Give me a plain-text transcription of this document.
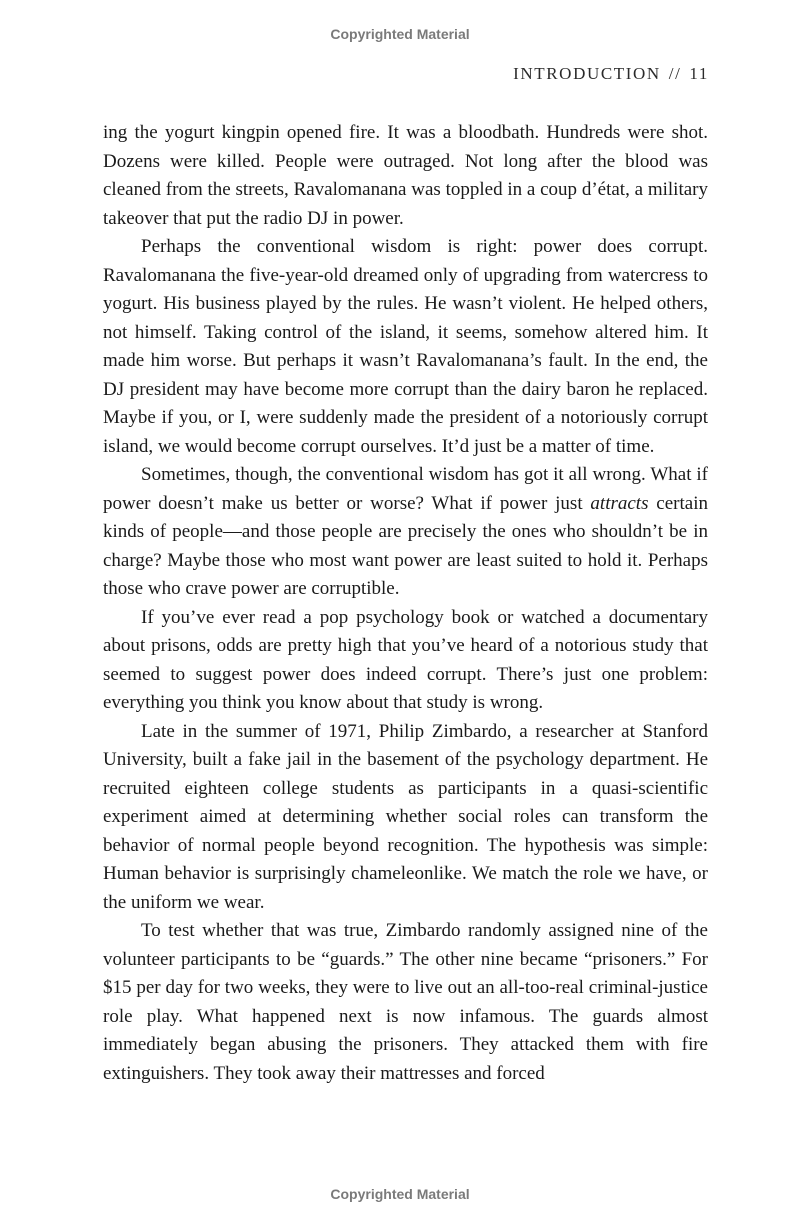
Copyrighted Material
INTRODUCTION // 11

ing the yogurt kingpin opened fire. It was a bloodbath. Hundreds were shot. Dozens were killed. People were outraged. Not long after the blood was cleaned from the streets, Ravalomanana was toppled in a coup d’état, a military takeover that put the radio DJ in power.

Perhaps the conventional wisdom is right: power does corrupt. Ravalomanana the five-year-old dreamed only of upgrading from watercress to yogurt. His business played by the rules. He wasn’t violent. He helped others, not himself. Taking control of the island, it seems, somehow altered him. It made him worse. But perhaps it wasn’t Ravalomanana’s fault. In the end, the DJ president may have become more corrupt than the dairy baron he replaced. Maybe if you, or I, were suddenly made the president of a notoriously corrupt island, we would become corrupt ourselves. It’d just be a matter of time.

Sometimes, though, the conventional wisdom has got it all wrong. What if power doesn’t make us better or worse? What if power just attracts certain kinds of people—and those people are precisely the ones who shouldn’t be in charge? Maybe those who most want power are least suited to hold it. Perhaps those who crave power are corruptible.

If you’ve ever read a pop psychology book or watched a documentary about prisons, odds are pretty high that you’ve heard of a notorious study that seemed to suggest power does indeed corrupt. There’s just one problem: everything you think you know about that study is wrong.

Late in the summer of 1971, Philip Zimbardo, a researcher at Stanford University, built a fake jail in the basement of the psychology department. He recruited eighteen college students as participants in a quasi-scientific experiment aimed at determining whether social roles can transform the behavior of normal people beyond recognition. The hypothesis was simple: Human behavior is surprisingly chameleonlike. We match the role we have, or the uniform we wear.

To test whether that was true, Zimbardo randomly assigned nine of the volunteer participants to be “guards.” The other nine became “prisoners.” For $15 per day for two weeks, they were to live out an all-too-real criminal-justice role play. What happened next is now infamous. The guards almost immediately began abusing the prisoners. They attacked them with fire extinguishers. They took away their mattresses and forced

Copyrighted Material
